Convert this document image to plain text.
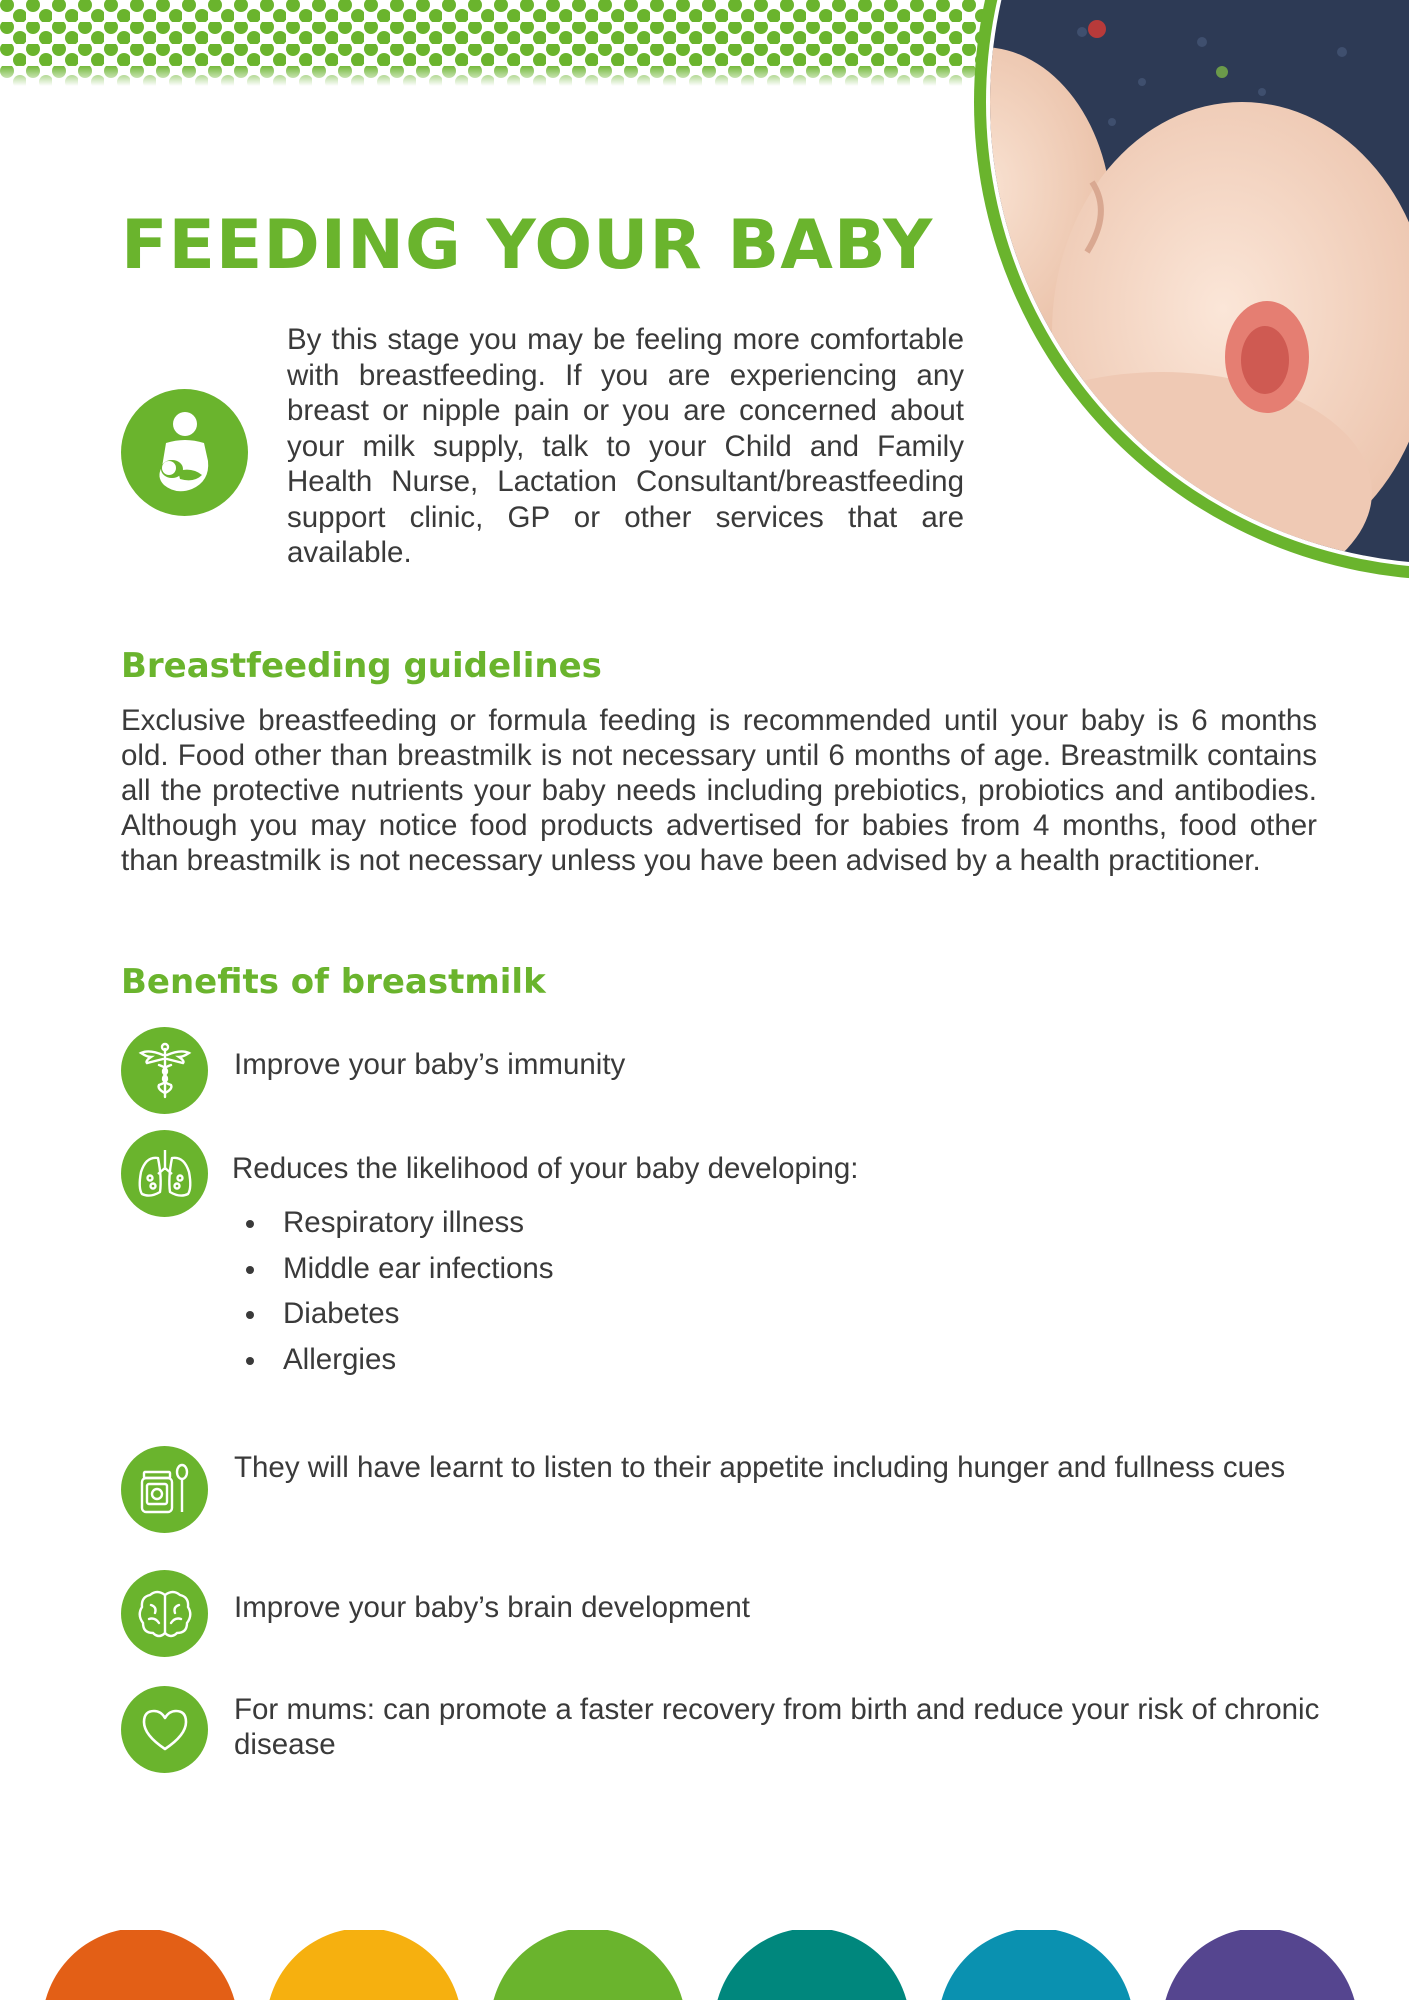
FEEDING YOUR BABY

By this stage you may be feeling more comfortable with breastfeeding. If you are experiencing any breast or nipple pain or you are concerned about your milk supply, talk to your Child and Family Health Nurse, Lactation Consultant/breastfeeding support clinic, GP or other services that are available.

Breastfeeding guidelines

Exclusive breastfeeding or formula feeding is recommended until your baby is 6 months old. Food other than breastmilk is not necessary until 6 months of age. Breastmilk contains all the protective nutrients your baby needs including prebiotics, probiotics and antibodies. Although you may notice food products advertised for babies from 4 months, food other than breastmilk is not necessary unless you have been advised by a health practitioner.

Benefits of breastmilk

Improve your baby’s immunity

Reduces the likelihood of your baby developing:

Respiratory illness
Middle ear infections
Diabetes
Allergies

They will have learnt to listen to their appetite including hunger and fullness cues

Improve your baby’s brain development

For mums: can promote a faster recovery from birth and reduce your risk of chronic disease
